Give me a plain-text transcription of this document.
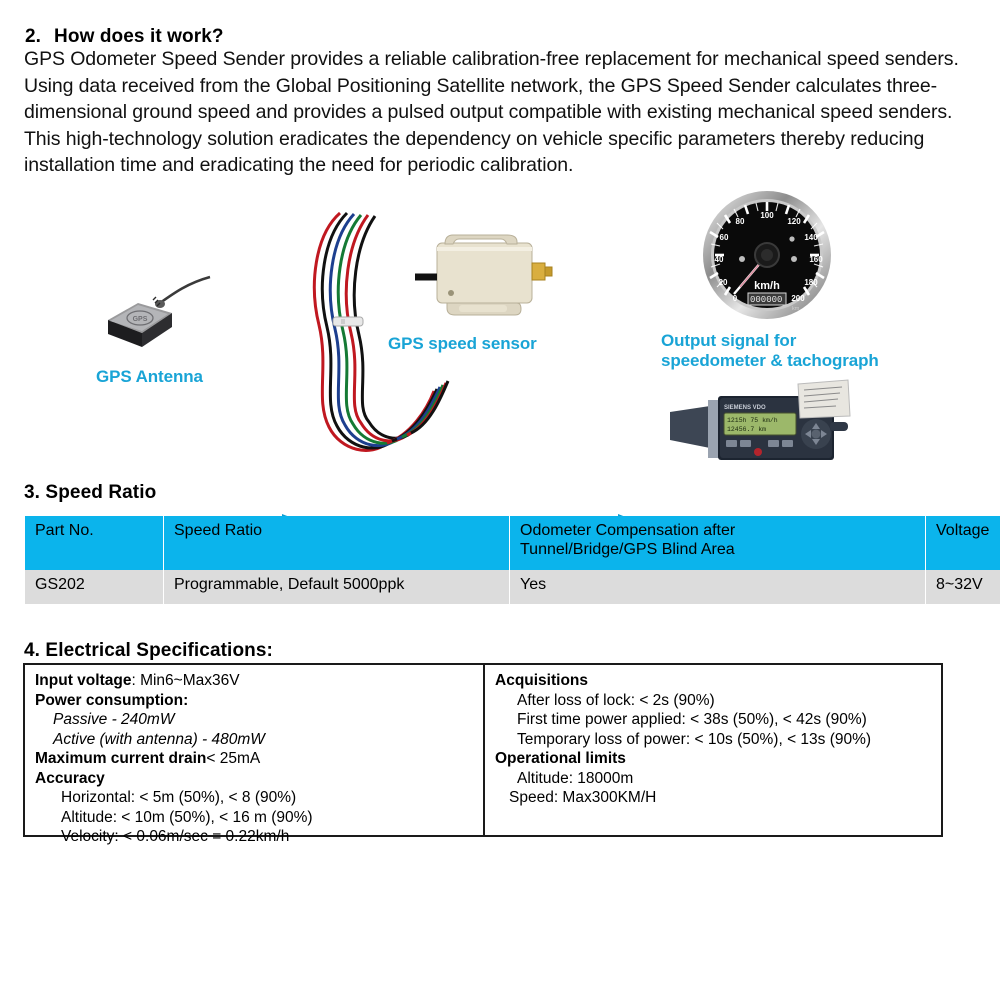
2. How does it work?
GPS Odometer Speed Sender provides a reliable calibration-free replacement for mechanical speed senders. Using data received from the Global Positioning Satellite network, the GPS Speed Sender calculates three-dimensional ground speed and provides a pulsed output compatible with existing mechanical speed senders. This high-technology solution eradicates the dependency on vehicle specific parameters thereby reducing installation time and eradicating the need for periodic calibration.
GPS
0
20
40
60
80
100
120
140
160
180
200
km/h
000000
km
SIEMENS VDO
1215h 75 km/h
12456.7 km
GPS Antenna
GPS speed sensor	Output signal for
speedometer & tachograph
3. Speed Ratio
Part No.	Speed Ratio	Odometer Compensation after
Tunnel/Bridge/GPS Blind Area	Voltage
GS202	Programmable, Default 5000ppk	Yes	8~32V
4. Electrical Specifications:
Input voltage: Min6~Max36V
Power consumption:
Passive - 240mW
Active (with antenna) - 480mW
Maximum current drain< 25mA
Accuracy
Horizontal: < 5m (50%), < 8 (90%)
Altitude: < 10m (50%), < 16 m (90%)
Velocity: < 0.06m/sec = 0.22km/h
Acquisitions
After loss of lock: < 2s (90%)
First time power applied: < 38s (50%), < 42s (90%)
Temporary loss of power: < 10s (50%), < 13s (90%)
Operational limits
Altitude: 18000m
Speed: Max300KM/H
